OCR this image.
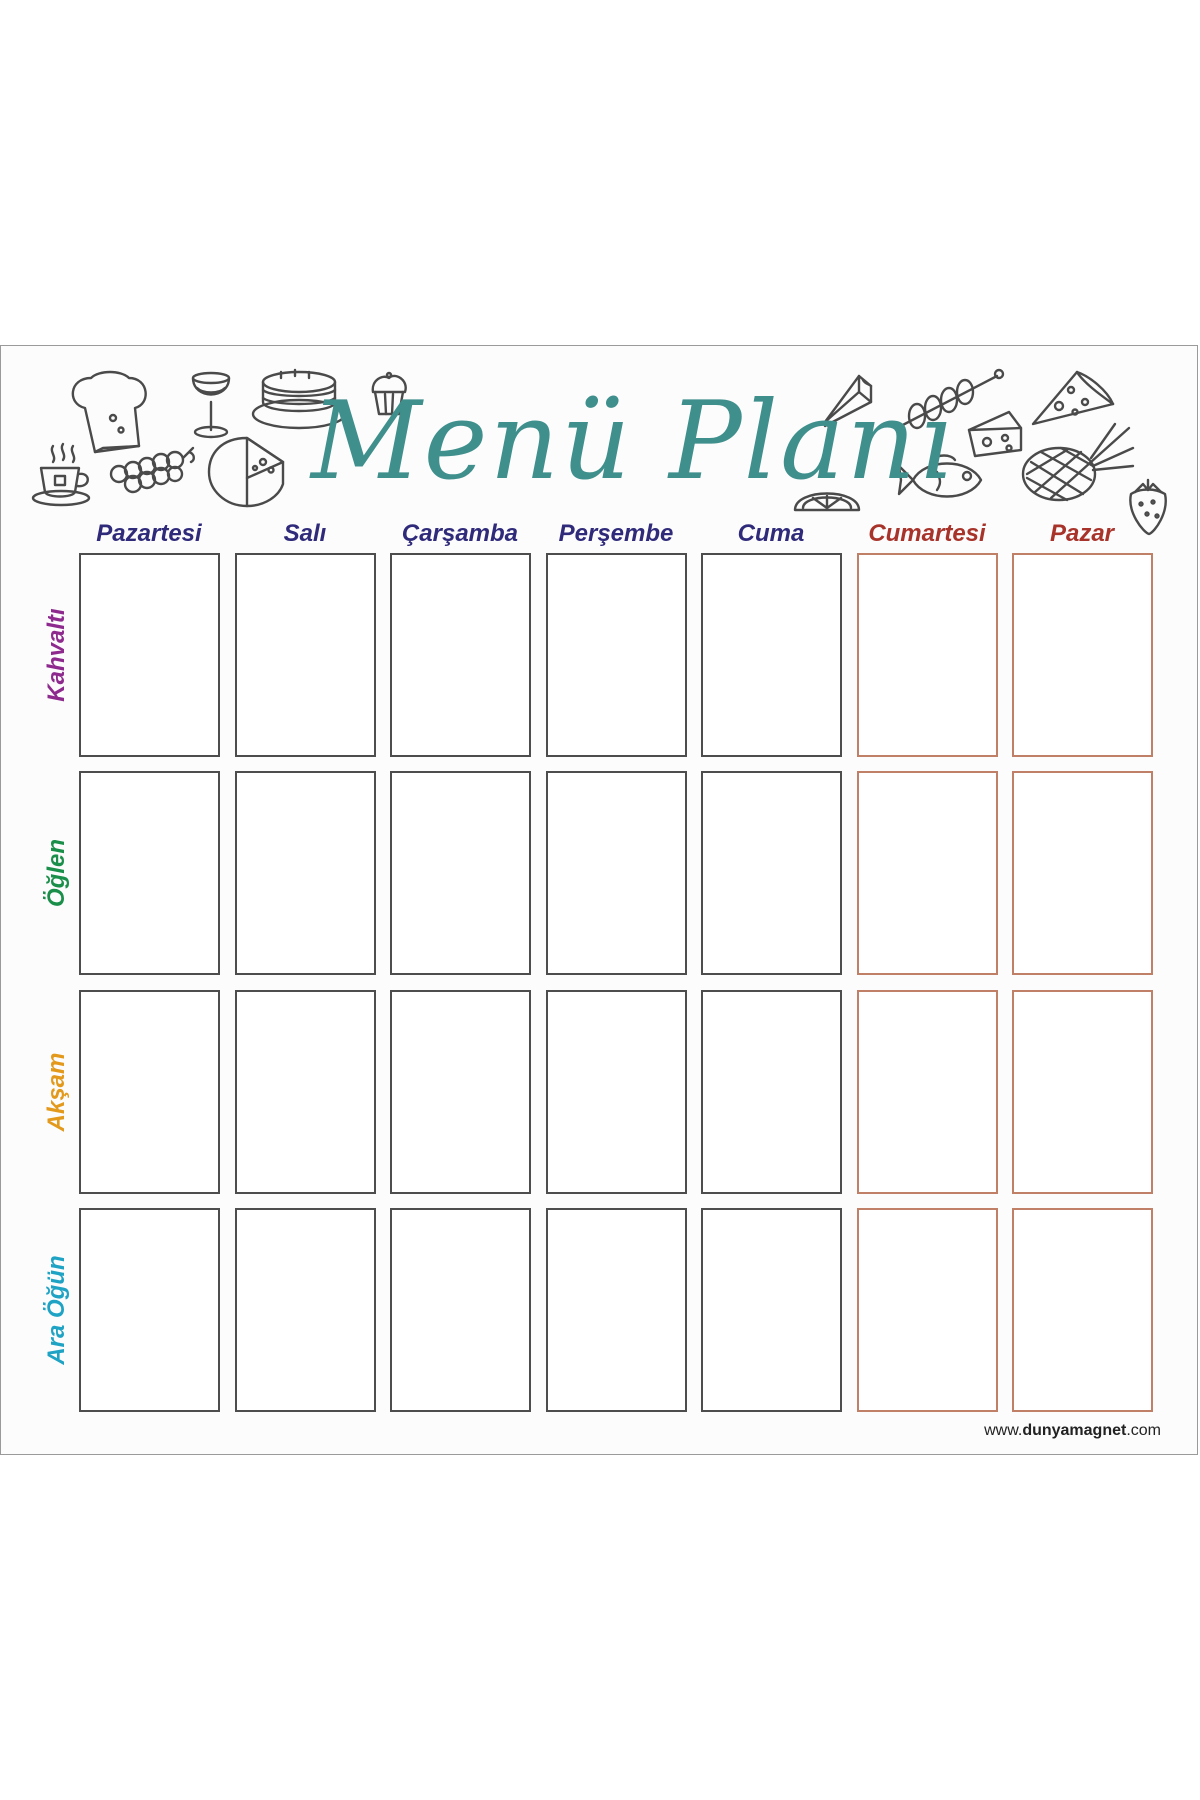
Menü Planı
Pazartesi	Salı	Çarşamba	Perşembe	Cuma	Cumartesi	Pazar
Kahvaltı
Öğlen
Akşam
Ara Öğün
www.dunyamagnet.com
